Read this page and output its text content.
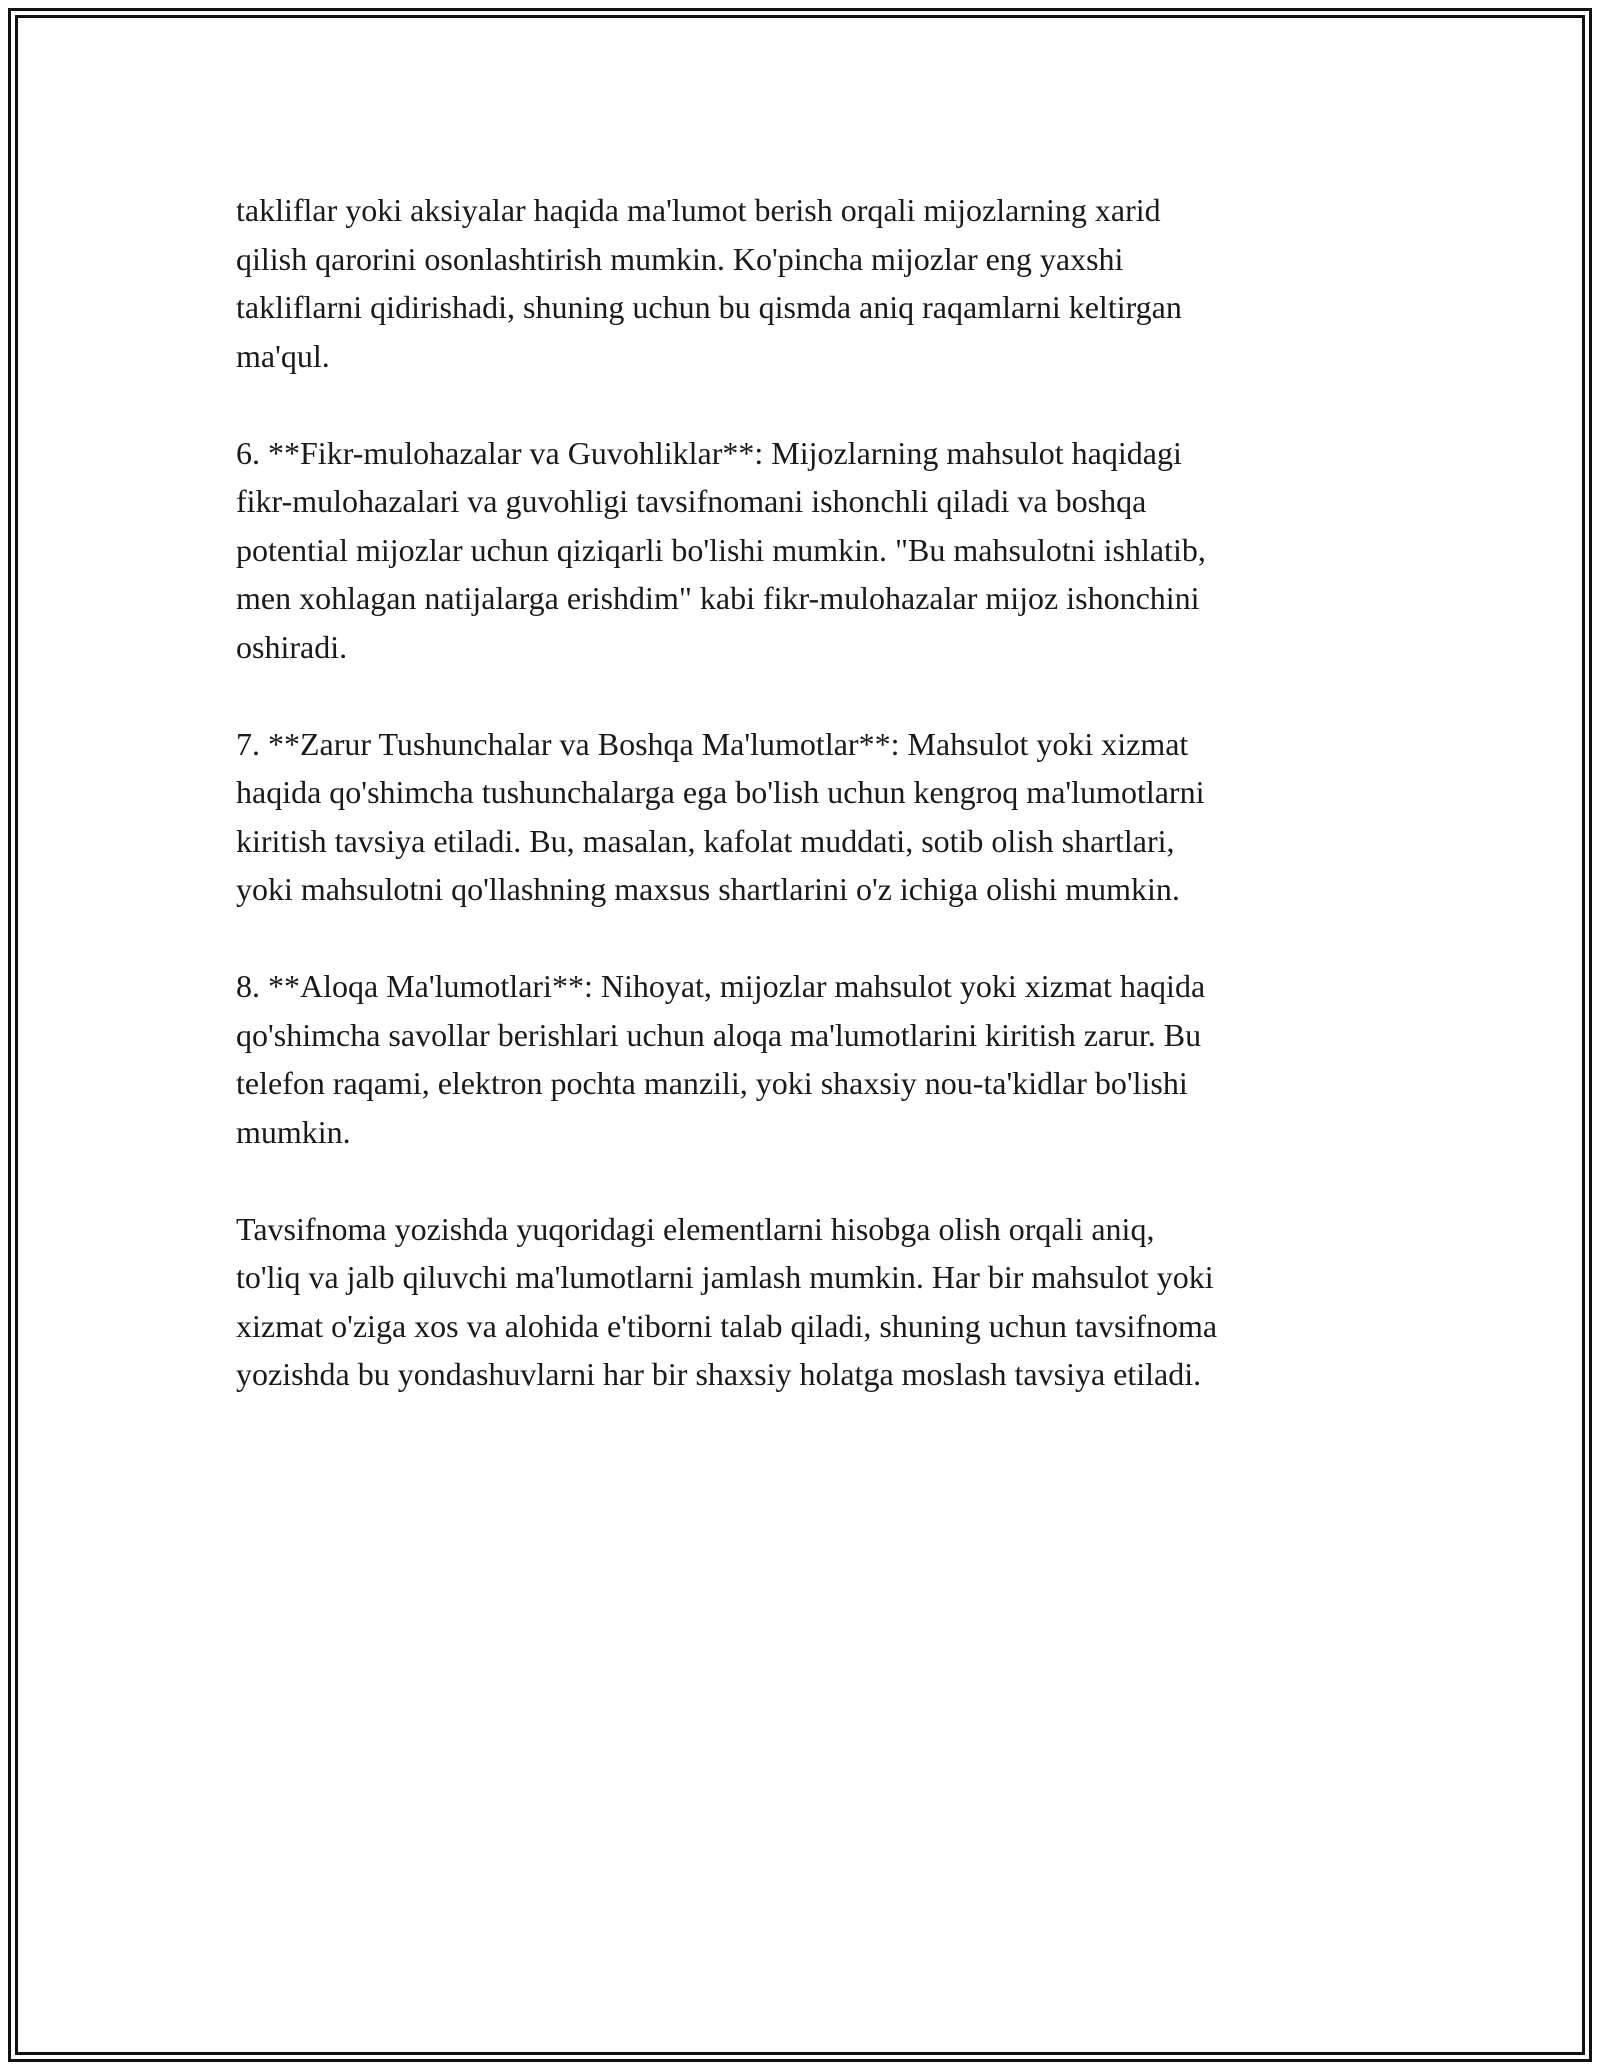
takliflar yoki aksiyalar haqida ma'lumot berish orqali mijozlarning xarid
qilish qarorini osonlashtirish mumkin. Ko'pincha mijozlar eng yaxshi
takliflarni qidirishadi, shuning uchun bu qismda aniq raqamlarni keltirgan
ma'qul.

6. **Fikr-mulohazalar va Guvohliklar**: Mijozlarning mahsulot haqidagi
fikr-mulohazalari va guvohligi tavsifnomani ishonchli qiladi va boshqa
potential mijozlar uchun qiziqarli bo'lishi mumkin. "Bu mahsulotni ishlatib,
men xohlagan natijalarga erishdim" kabi fikr-mulohazalar mijoz ishonchini
oshiradi.

7. **Zarur Tushunchalar va Boshqa Ma'lumotlar**: Mahsulot yoki xizmat
haqida qo'shimcha tushunchalarga ega bo'lish uchun kengroq ma'lumotlarni
kiritish tavsiya etiladi. Bu, masalan, kafolat muddati, sotib olish shartlari,
yoki mahsulotni qo'llashning maxsus shartlarini o'z ichiga olishi mumkin.

8. **Aloqa Ma'lumotlari**: Nihoyat, mijozlar mahsulot yoki xizmat haqida
qo'shimcha savollar berishlari uchun aloqa ma'lumotlarini kiritish zarur. Bu
telefon raqami, elektron pochta manzili, yoki shaxsiy nou-ta'kidlar bo'lishi
mumkin.

Tavsifnoma yozishda yuqoridagi elementlarni hisobga olish orqali aniq,
to'liq va jalb qiluvchi ma'lumotlarni jamlash mumkin. Har bir mahsulot yoki
xizmat o'ziga xos va alohida e'tiborni talab qiladi, shuning uchun tavsifnoma
yozishda bu yondashuvlarni har bir shaxsiy holatga moslash tavsiya etiladi.
